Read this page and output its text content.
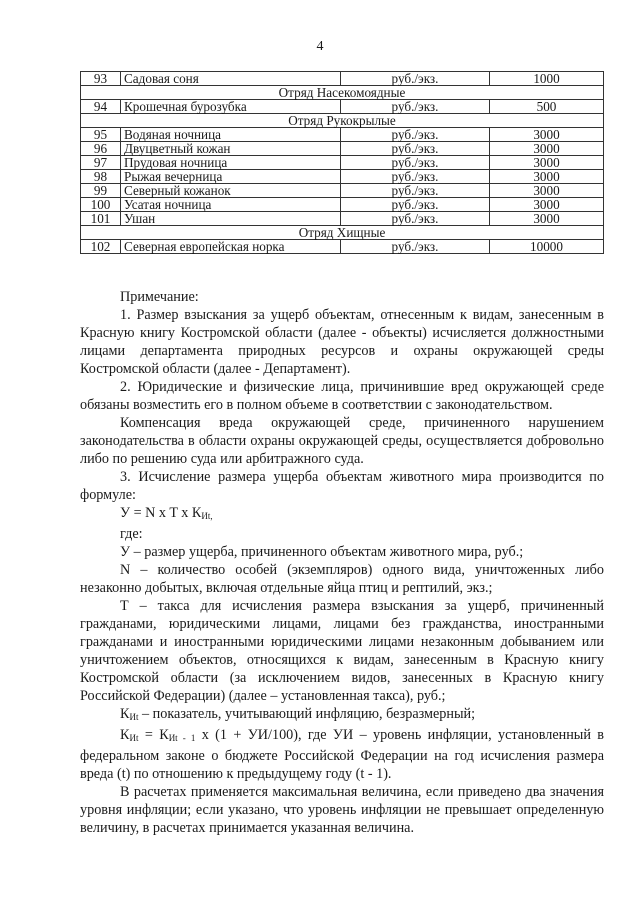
4
93	Садовая соня	руб./экз.	1000
Отряд Насекомоядные			
94	Крошечная бурозубка	руб./экз.	500
Отряд Рукокрылые			
95	Водяная ночница	руб./экз.	3000
96	Двуцветный кожан	руб./экз.	3000
97	Прудовая ночница	руб./экз.	3000
98	Рыжая вечерница	руб./экз.	3000
99	Северный кожанок	руб./экз.	3000
100	Усатая ночница	руб./экз.	3000
101	Ушан	руб./экз.	3000
Отряд Хищные			
102	Северная европейская норка	руб./экз.	10000

Примечание:

1. Размер взыскания за ущерб объектам, отнесенным к видам, занесенным в Красную книгу Костромской области (далее - объекты) исчисляется должностными лицами департамента природных ресурсов и охраны окружающей среды Костромской области (далее - Департамент).

2. Юридические и физические лица, причинившие вред окружающей среде обязаны возместить его в полном объеме в соответствии с законодательством.

Компенсация вреда окружающей среде, причиненного нарушением законодательства в области охраны окружающей среды, осуществляется добровольно либо по решению суда или арбитражного суда.

3. Исчисление размера ущерба объектам животного мира производится по формуле:

У = N x T x $К_{Иt,}$

где:

У – размер ущерба, причиненного объектам животного мира, руб.;

N – количество особей (экземпляров) одного вида, уничтоженных либо незаконно добытых, включая отдельные яйца птиц и рептилий, экз.;

Т – такса для исчисления размера взыскания за ущерб, причиненный гражданами, юридическими лицами, лицами без гражданства, иностранными гражданами и иностранными юридическими лицами незаконным добыванием или уничтожением объектов, относящихся к видам, занесенным в Красную книгу Костромской области (за исключением видов, занесенных в Красную книгу Российской Федерации) (далее – установленная такса), руб.;

$К_{Иt}$ – показатель, учитывающий инфляцию, безразмерный;

$К_{Иt} = К_{Иt - 1}$ x (1 + УИ/100), где УИ – уровень инфляции, установленный в федеральном законе о бюджете Российской Федерации на год исчисления размера вреда (t) по отношению к предыдущему году (t - 1).

В расчетах применяется максимальная величина, если приведено два значения уровня инфляции; если указано, что уровень инфляции не превышает определенную величину, в расчетах принимается указанная величина.
